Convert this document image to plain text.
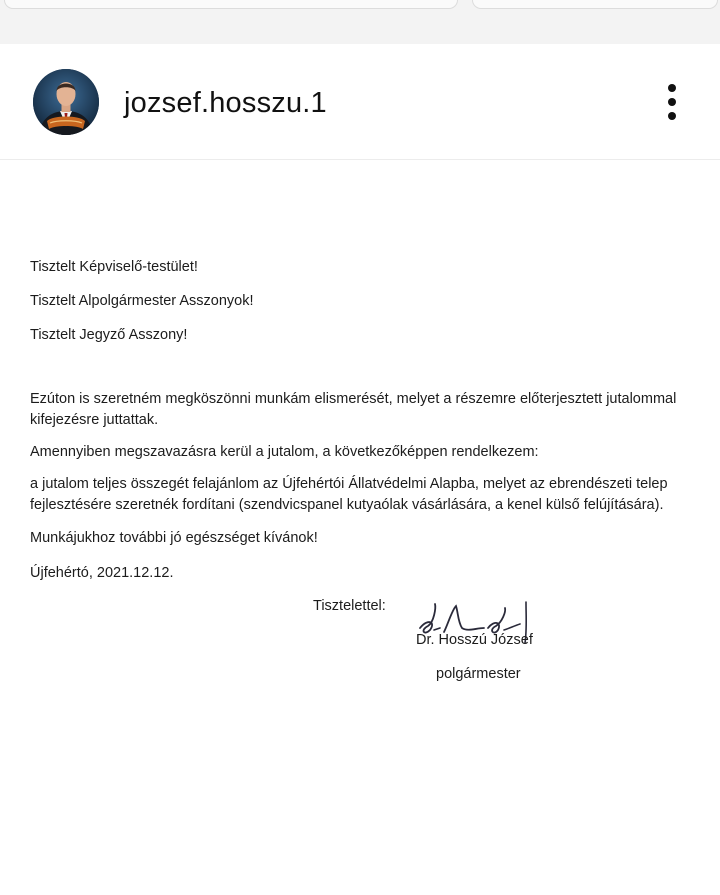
jozsef.hosszu.1

Tisztelt Képviselő-testület!

Tisztelt Alpolgármester Asszonyok!

Tisztelt Jegyző Asszony!

Ezúton is szeretném megköszönni munkám elismerését, melyet a részemre előterjesztett jutalommal

kifejezésre juttattak.

Amennyiben megszavazásra kerül a jutalom, a következőképpen rendelkezem:

a jutalom teljes összegét felajánlom az Újfehértói Állatvédelmi Alapba, melyet az ebrendészeti telep

fejlesztésére szeretnék fordítani (szendvicspanel kutyaólak vásárlására, a kenel külső felújítására).

Munkájukhoz további jó egészséget kívánok!

Újfehértó, 2021.12.12.

Tisztelettel:

Dr. Hosszú József

polgármester
